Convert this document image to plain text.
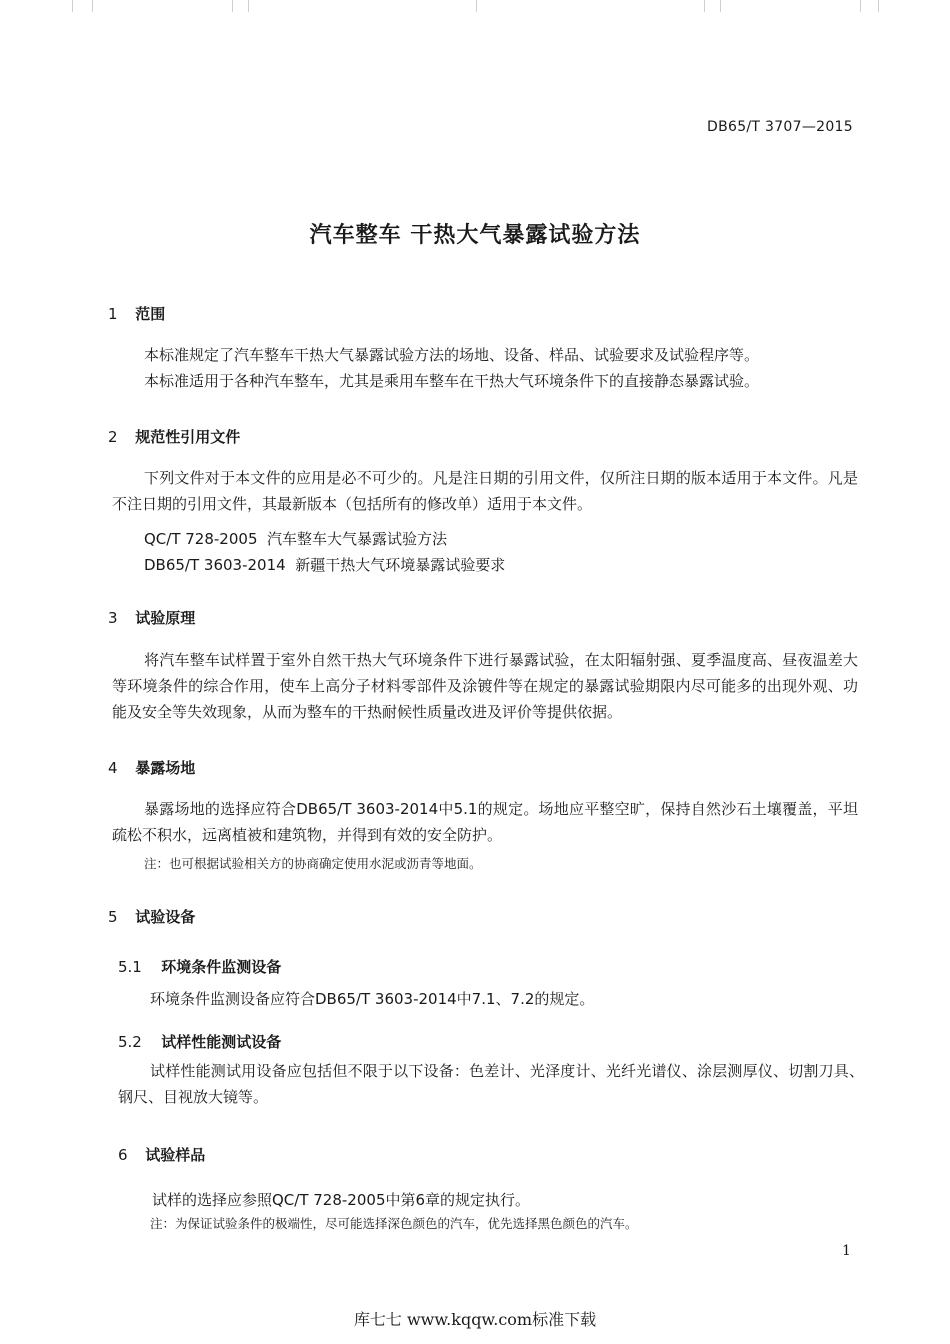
DB65/T 3707—2015
汽车整车 干热大气暴露试验方法
1 范围
本标准规定了汽车整车干热大气暴露试验方法的场地、设备、样品、试验要求及试验程序等。
本标准适用于各种汽车整车，尤其是乘用车整车在干热大气环境条件下的直接静态暴露试验。
2 规范性引用文件
下列文件对于本文件的应用是必不可少的。凡是注日期的引用文件，仅所注日期的版本适用于本文件。凡是不注日期的引用文件，其最新版本（包括所有的修改单）适用于本文件。
QC/T 728-2005  汽车整车大气暴露试验方法
DB65/T 3603-2014  新疆干热大气环境暴露试验要求
3 试验原理
将汽车整车试样置于室外自然干热大气环境条件下进行暴露试验，在太阳辐射强、夏季温度高、昼夜温差大等环境条件的综合作用，使车上高分子材料零部件及涂镀件等在规定的暴露试验期限内尽可能多的出现外观、功能及安全等失效现象，从而为整车的干热耐候性质量改进及评价等提供依据。
4 暴露场地
暴露场地的选择应符合DB65/T 3603-2014中5.1的规定。场地应平整空旷，保持自然沙石土壤覆盖，平坦疏松不积水，远离植被和建筑物，并得到有效的安全防护。
注：也可根据试验相关方的协商确定使用水泥或沥青等地面。
5 试验设备
5.1 环境条件监测设备
环境条件监测设备应符合DB65/T 3603-2014中7.1、7.2的规定。
5.2 试样性能测试设备
试样性能测试用设备应包括但不限于以下设备：色差计、光泽度计、光纤光谱仪、涂层测厚仪、切割刀具、钢尺、目视放大镜等。
6 试验样品
试样的选择应参照QC/T 728-2005中第6章的规定执行。
注：为保证试验条件的极端性，尽可能选择深色颜色的汽车，优先选择黑色颜色的汽车。
1
库七七 www.kqqw.com标准下载
